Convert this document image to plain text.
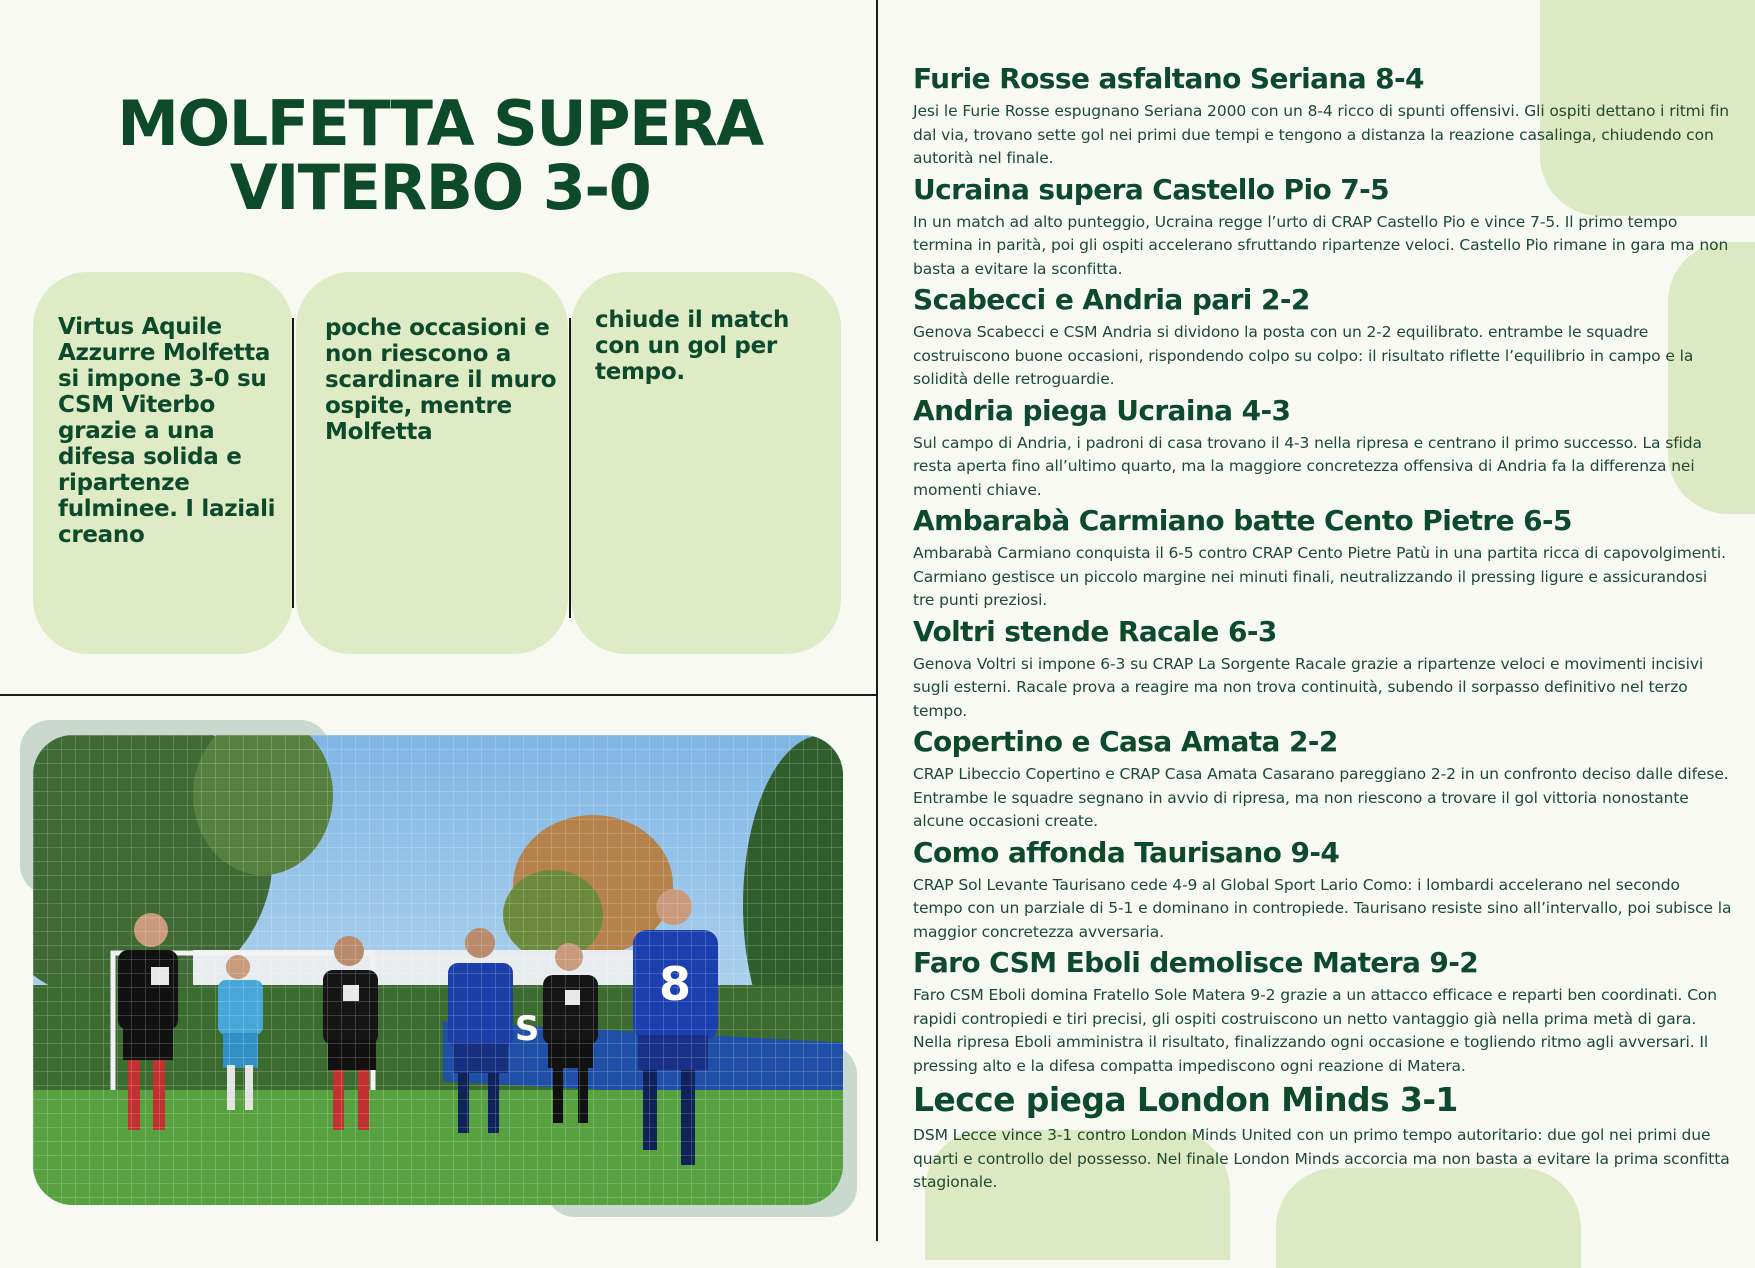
MOLFETTA SUPERA
VITERBO 3-0

Virtus Aquile Azzurre Molfetta si impone 3-0 su CSM Viterbo grazie a una difesa solida e ripartenze fulminee. I laziali creano

poche occasioni e non riescono a scardinare il muro ospite, mentre Molfetta

chiude il match con un gol per tempo.

Furie Rosse asfaltano Seriana 8-4

Jesi le Furie Rosse espugnano Seriana 2000 con un 8-4 ricco di spunti offensivi. Gli ospiti dettano i ritmi fin dal via, trovano sette gol nei primi due tempi e tengono a distanza la reazione casalinga, chiudendo con autorità nel finale.

Ucraina supera Castello Pio 7-5

In un match ad alto punteggio, Ucraina regge l’urto di CRAP Castello Pio e vince 7-5. Il primo tempo termina in parità, poi gli ospiti accelerano sfruttando ripartenze veloci. Castello Pio rimane in gara ma non basta a evitare la sconfitta.

Scabecci e Andria pari 2-2

Genova Scabecci e CSM Andria si dividono la posta con un 2-2 equilibrato. entrambe le squadre costruiscono buone occasioni, rispondendo colpo su colpo: il risultato riflette l’equilibrio in campo e la solidità delle retroguardie.

Andria piega Ucraina 4-3

Sul campo di Andria, i padroni di casa trovano il 4-3 nella ripresa e centrano il primo successo. La sfida resta aperta fino all’ultimo quarto, ma la maggiore concretezza offensiva di Andria fa la differenza nei momenti chiave.

Ambarabà Carmiano batte Cento Pietre 6-5

Ambarabà Carmiano conquista il 6-5 contro CRAP Cento Pietre Patù in una partita ricca di capovolgimenti. Carmiano gestisce un piccolo margine nei minuti finali, neutralizzando il pressing ligure e assicurandosi tre punti preziosi.

Voltri stende Racale 6-3

Genova Voltri si impone 6-3 su CRAP La Sorgente Racale grazie a ripartenze veloci e movimenti incisivi sugli esterni. Racale prova a reagire ma non trova continuità, subendo il sorpasso definitivo nel terzo tempo.

Copertino e Casa Amata 2-2

CRAP Libeccio Copertino e CRAP Casa Amata Casarano pareggiano 2-2 in un confronto deciso dalle difese. Entrambe le squadre segnano in avvio di ripresa, ma non riescono a trovare il gol vittoria nonostante alcune occasioni create.

Como affonda Taurisano 9-4

CRAP Sol Levante Taurisano cede 4-9 al Global Sport Lario Como: i lombardi accelerano nel secondo tempo con un parziale di 5-1 e dominano in contropiede. Taurisano resiste sino all’intervallo, poi subisce la maggior concretezza avversaria.

Faro CSM Eboli demolisce Matera 9-2

Faro CSM Eboli domina Fratello Sole Matera 9-2 grazie a un attacco efficace e reparti ben coordinati. Con rapidi contropiedi e tiri precisi, gli ospiti costruiscono un netto vantaggio già nella prima metà di gara. Nella ripresa Eboli amministra il risultato, finalizzando ogni occasione e togliendo ritmo agli avversari. Il pressing alto e la difesa compatta impediscono ogni reazione di Matera.

Lecce piega London Minds 3-1

DSM Lecce vince 3-1 contro London Minds United con un primo tempo autoritario: due gol nei primi due quarti e controllo del possesso. Nel finale London Minds accorcia ma non basta a evitare la prima sconfitta stagionale.
